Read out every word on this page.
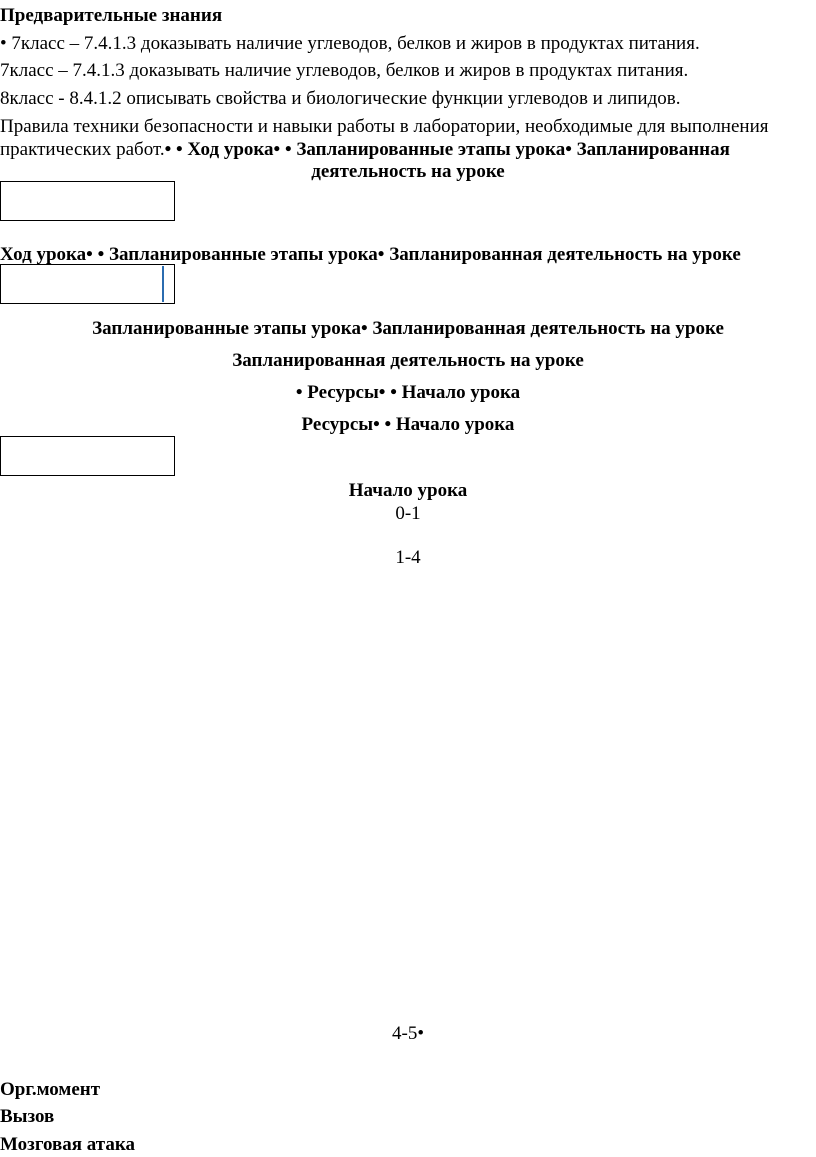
Предварительные знания
• 7класс – 7.4.1.3 доказывать наличие углеводов, белков и жиров в продуктах питания.
7класс – 7.4.1.3 доказывать наличие углеводов, белков и жиров в продуктах питания.
8класс - 8.4.1.2 описывать свойства и биологические функции углеводов и липидов.
Правила техники безопасности и навыки работы в лаборатории, необходимые для выполнения
практических работ.• • Ход урока• • Запланированные этапы урока• Запланированная
деятельность на уроке
Ход урока• • Запланированные этапы урока• Запланированная деятельность на уроке
Запланированные этапы урока• Запланированная деятельность на уроке
Запланированная деятельность на уроке
• Ресурсы• • Начало урока
Ресурсы• • Начало урока
Начало урока
0-1
1-4
4-5•
Орг.момент
Вызов
Мозговая атака
